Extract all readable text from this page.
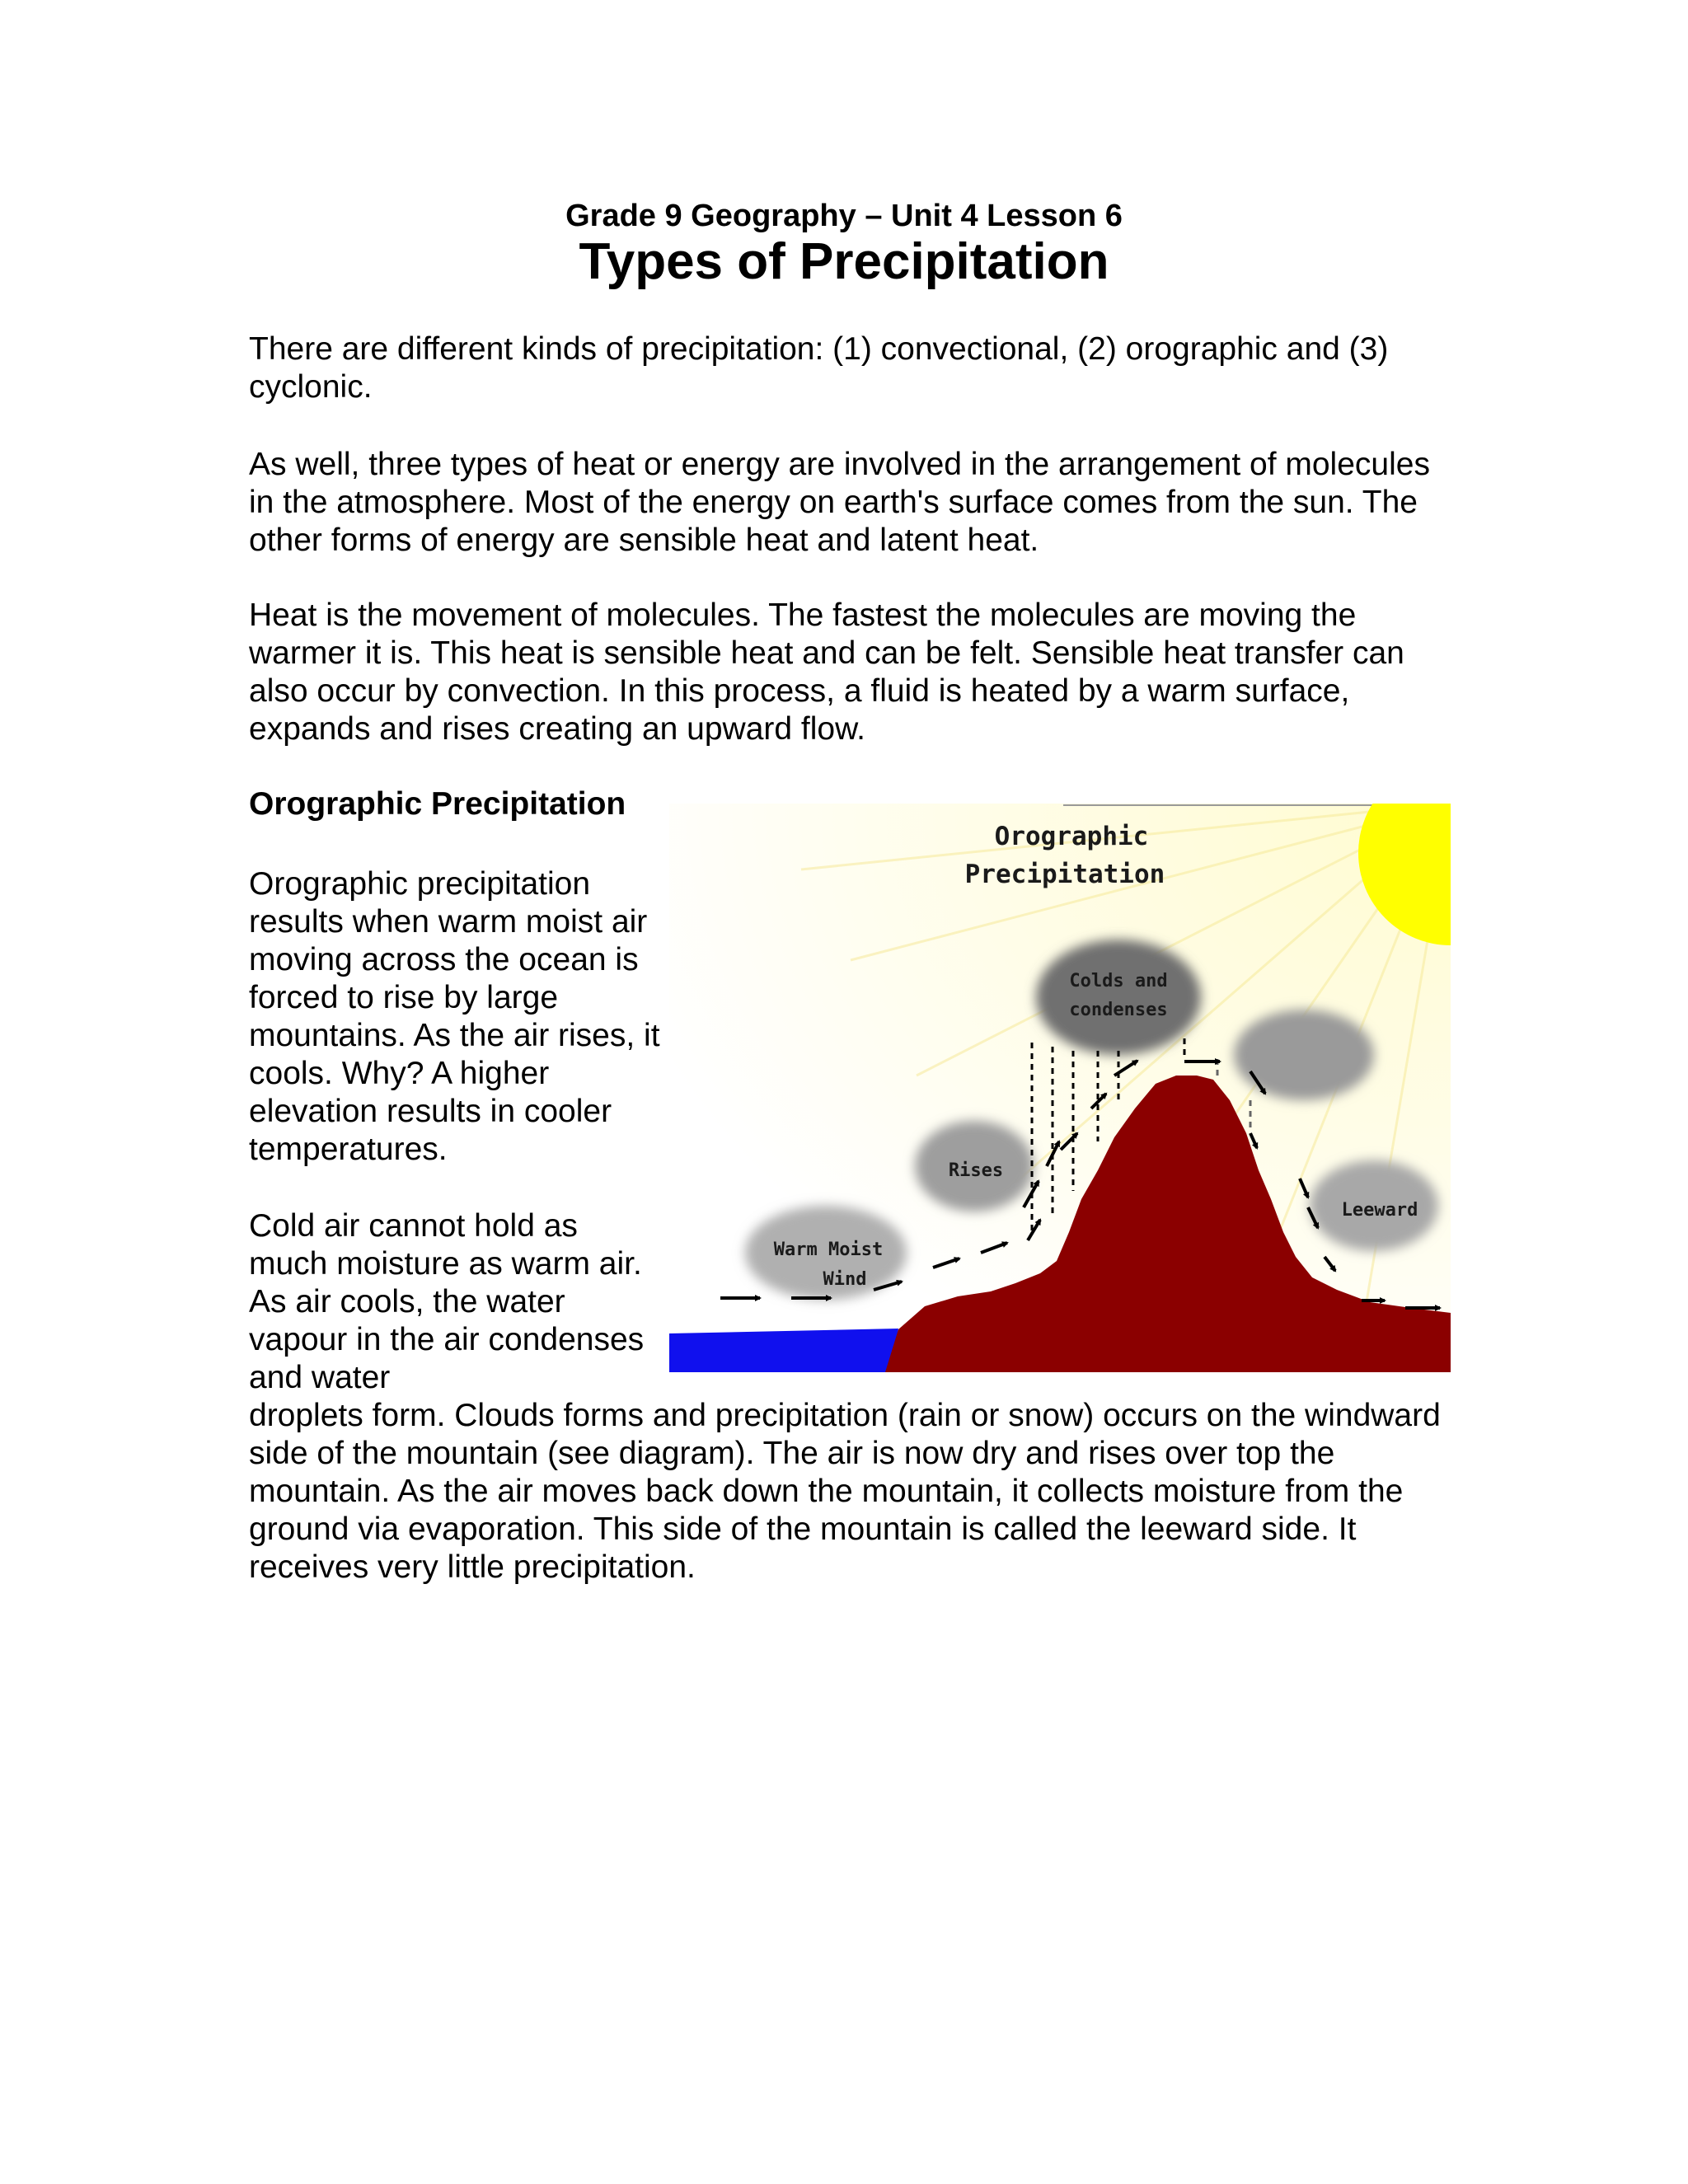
Grade 9 Geography – Unit 4 Lesson 6
Types of Precipitation

There are different kinds of precipitation: (1) convectional, (2) orographic and (3) cyclonic.

As well, three types of heat or energy are involved in the arrangement of molecules in the atmosphere. Most of the energy on earth's surface comes from the sun. The other forms of energy are sensible heat and latent heat.

Heat is the movement of molecules. The fastest the molecules are moving the warmer it is. This heat is sensible heat and can be felt. Sensible heat transfer can also occur by convection. In this process, a fluid is heated by a warm surface, expands and rises creating an upward flow.

Orographic Precipitation

Orographic precipitation results when warm moist air moving across the ocean is forced to rise by large mountains. As the air rises, it cools. Why? A higher elevation results in cooler temperatures.

Cold air cannot hold as much moisture as warm air. As air cools, the water vapour in the air condenses and water

droplets form. Clouds forms and precipitation (rain or snow) occurs on the windward side of the mountain (see diagram). The air is now dry and rises over top the mountain. As the air moves back down the mountain, it collects moisture from the ground via evaporation. This side of the mountain is called the leeward side. It receives very little precipitation.

Orographic
Precipitation
Colds and
condenses
Rises
Warm Moist
Wind
Leeward
